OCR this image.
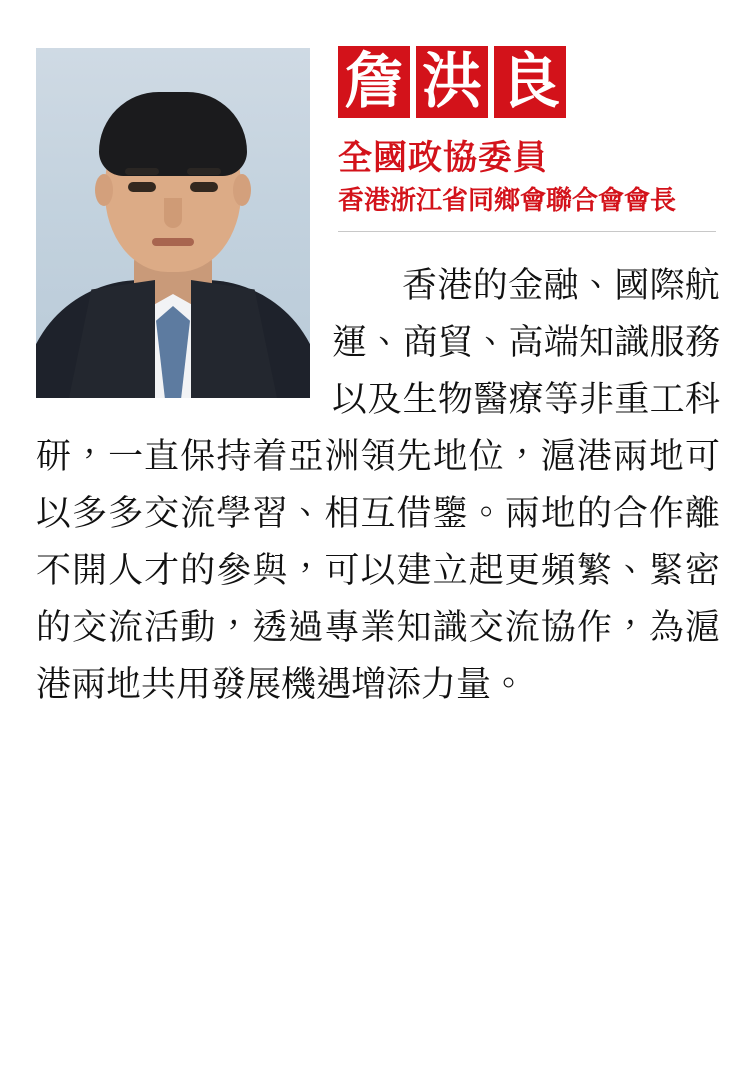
詹 洪 良
全國政協委員
香港浙江省同鄉會聯合會會長
香港的金融、國際航運、商貿、高端知識服務以及生物醫療等非重工科研，一直保持着亞洲領先地位，滬港兩地可以多多交流學習、相互借鑒。兩地的合作離不開人才的參與，可以建立起更頻繁、緊密的交流活動，透過專業知識交流協作，為滬港兩地共用發展機遇增添力量。
